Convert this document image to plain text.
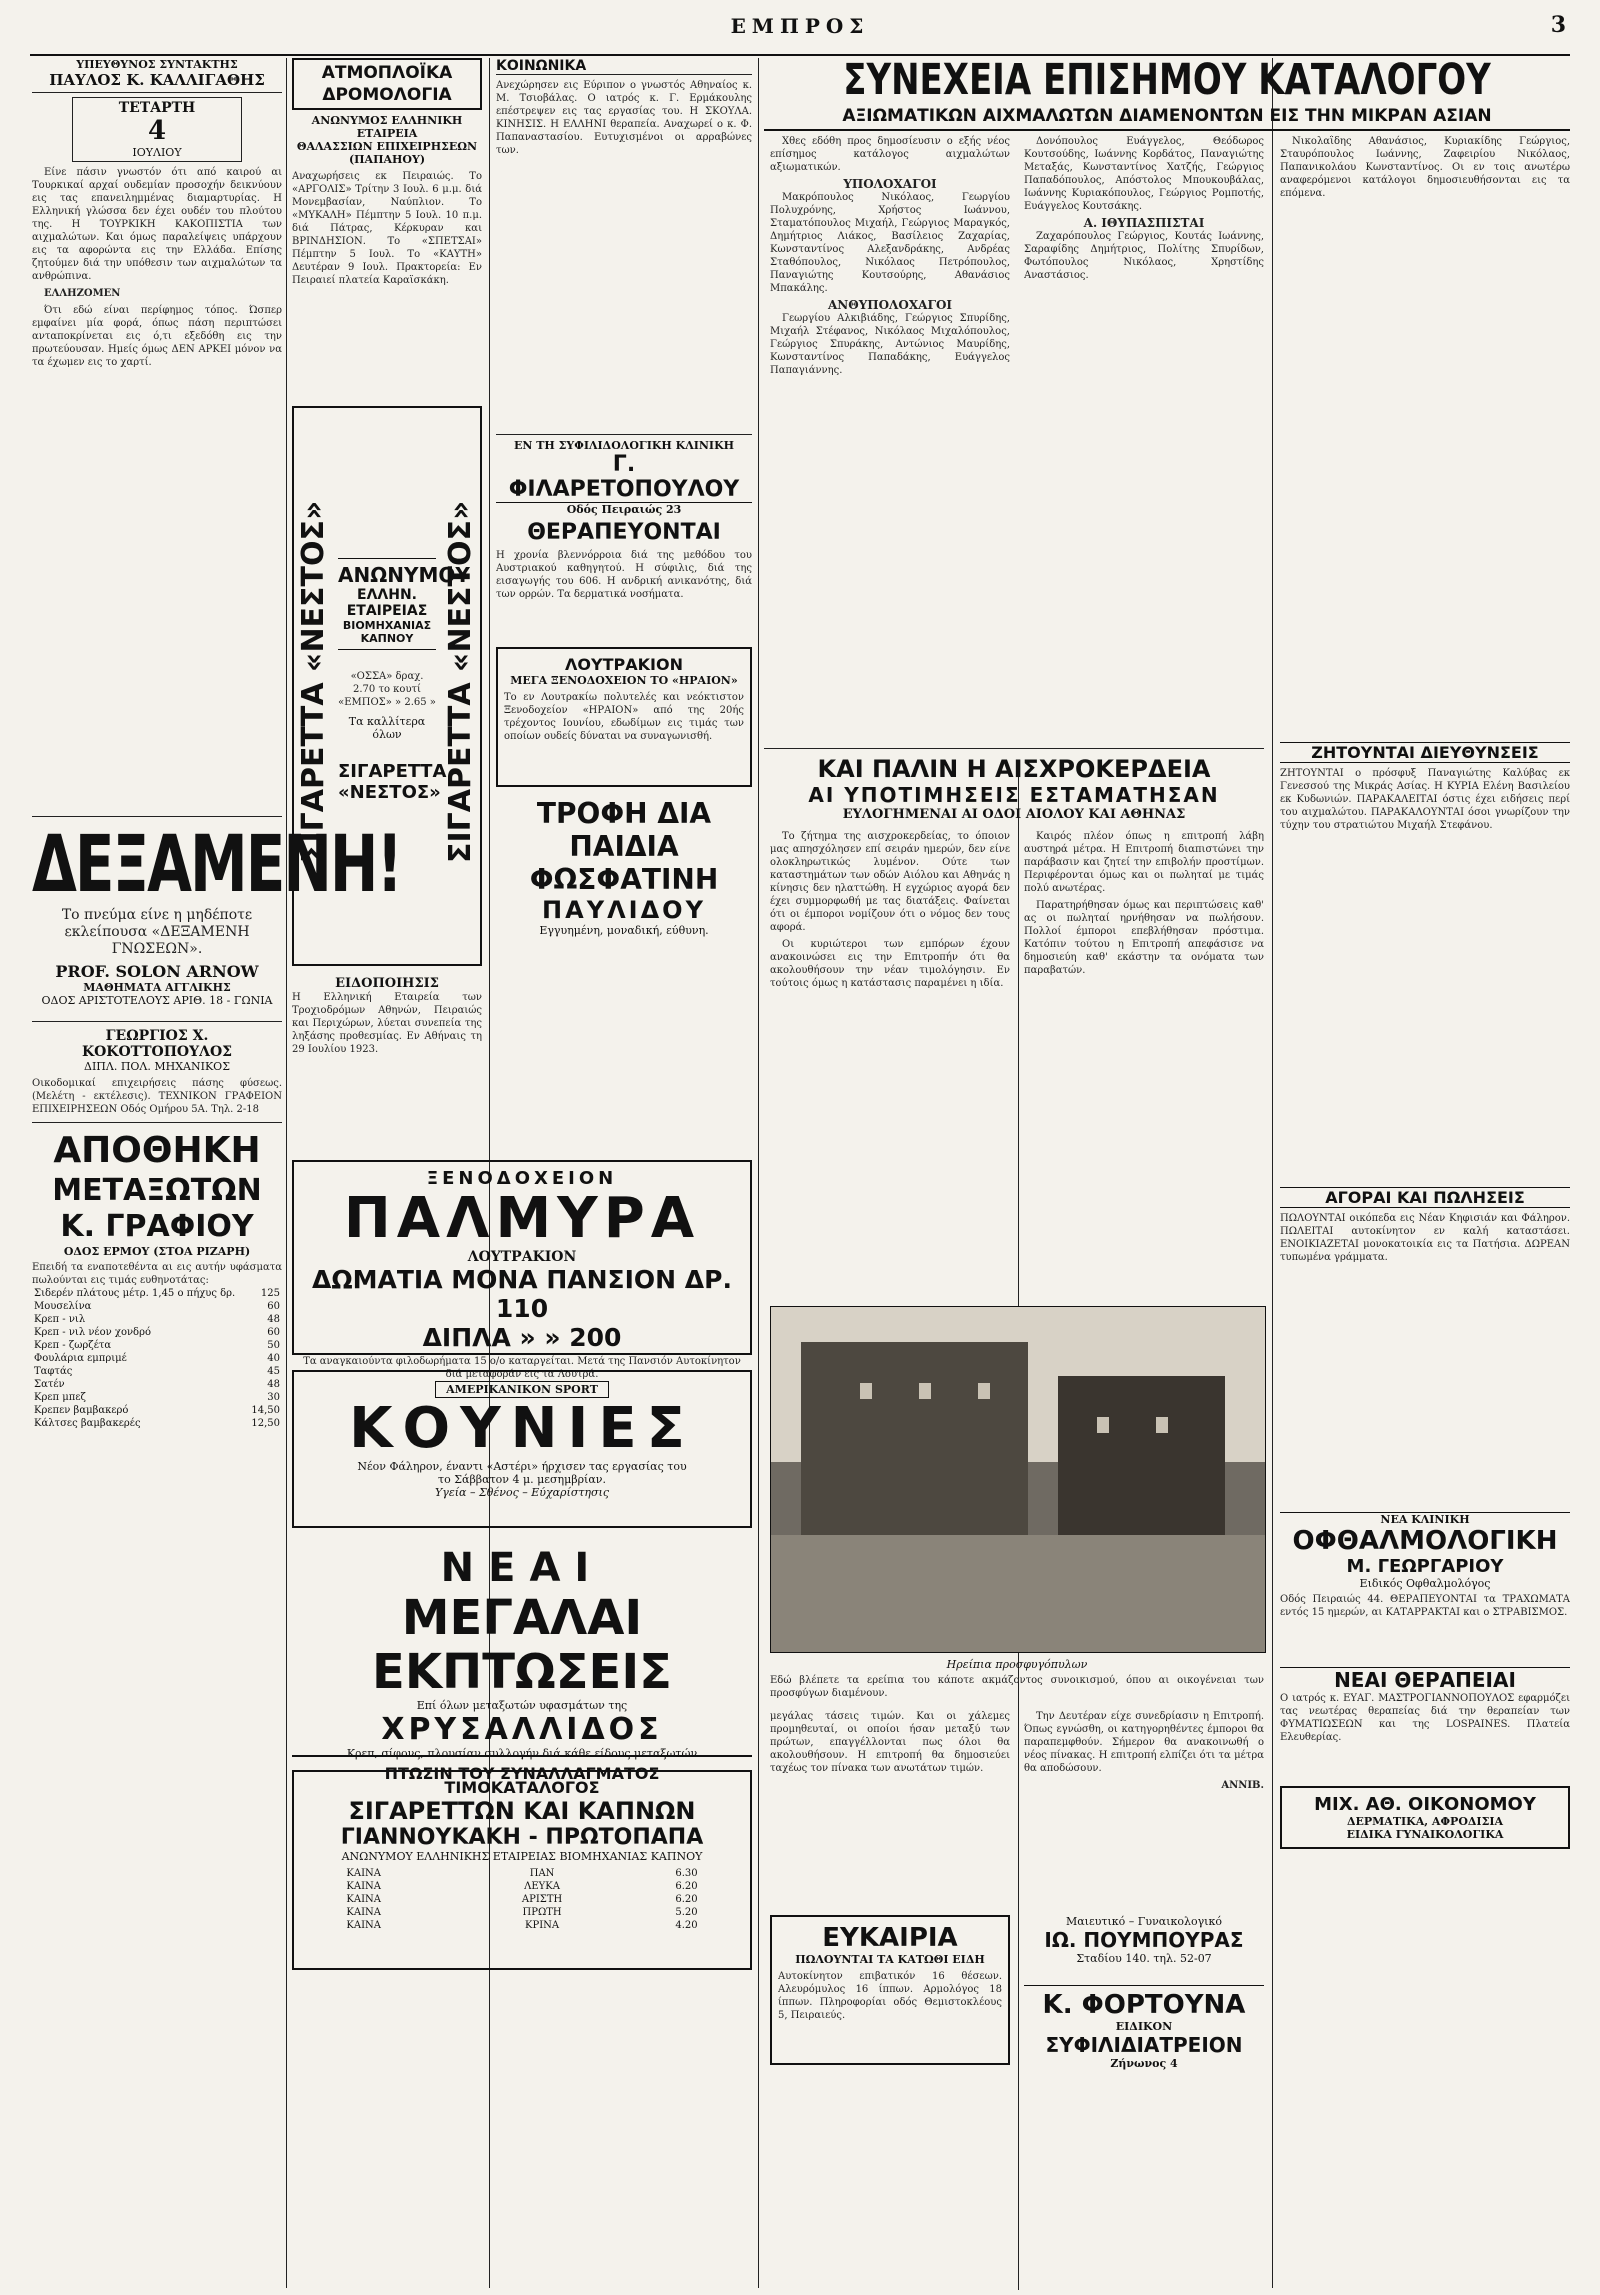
ΕΜΠΡΟΣ	3
ΥΠΕΥΘΥΝΟΣ ΣΥΝΤΑΚΤΗΣ
ΠΑΥΛΟΣ Κ. ΚΑΛΛΙΓΑΘΗΣ
ΤΕΤΑΡΤΗ
4
ΙΟΥΛΙΟΥ

Είνε πάσιν γνωστόν ότι από καιρού αι Τουρκικαί αρχαί ουδεμίαν προσοχήν δεικνύουν εις τας επανειλημμένας διαμαρτυρίας. Η Ελληνική γλώσσα δεν έχει ουδέν του πλούτου της. Η ΤΟΥΡΚΙΚΗ ΚΑΚΟΠΙΣΤΙΑ των αιχμαλώτων. Και όμως παραλείψεις υπάρχουν εις τα αφορώντα εις την Ελλάδα. Επίσης ζητούμεν διά την υπόθεσιν των αιχμαλώτων τα ανθρώπινα.

ΕΛΛΗΖΟΜΕΝ

Ότι εδώ είναι περίφημος τόπος. Ώσπερ εμφαίνει μία φορά, όπως πάση περιπτώσει ανταποκρίνεται εις ό,τι εξεδόθη εις την πρωτεύουσαν. Ημείς όμως ΔΕΝ ΑΡΚΕΙ μόνον να τα έχωμεν εις το χαρτί.

ΔΕΞΑΜΕΝΗ!
Το πνεύμα είνε η μηδέποτε εκλείπουσα «ΔΕΞΑΜΕΝΗ ΓΝΩΣΕΩΝ».
PROF. SOLON ARNOW
ΜΑΘΗΜΑΤΑ ΑΓΓΛΙΚΗΣ
ΟΔΟΣ ΑΡΙΣΤΟΤΕΛΟΥΣ ΑΡΙΘ. 18 - ΓΩΝΙΑ
ΓΕΩΡΓΙΟΣ Χ. ΚΟΚΟΤΤΟΠΟΥΛΟΣ
ΔΙΠΛ. ΠΟΛ. ΜΗΧΑΝΙΚΟΣ
Οικοδομικαί επιχειρήσεις πάσης φύσεως. (Μελέτη - εκτέλεσις). ΤΕΧΝΙΚΟΝ ΓΡΑΦΕΙΟΝ ΕΠΙΧΕΙΡΗΣΕΩΝ Οδός Ομήρου 5Α. Τηλ. 2-18
ΑΠΟΘΗΚΗ
ΜΕΤΑΞΩΤΩΝ
Κ. ΓΡΑΦΙΟΥ
ΟΔΟΣ ΕΡΜΟΥ (ΣΤΟΑ ΡΙΖΑΡΗ)
Επειδή τα εναποτεθέντα αι εις αυτήν υφάσματα πωλούνται εις τιμάς ευθηνοτάτας:
Σιδερέν πλάτους μέτρ. 1,45 ο πήχυς δρ.	125
Μουσελίνα	60
Κρεπ - νιλ	48
Κρεπ - νιλ νέον χονδρό	60
Κρεπ - ζωρζέτα	50
Φουλάρια εμπριμέ	40
Ταφτάς	45
Σατέν	48
Κρεπ μπεζ	30
Κρεπεν βαμβακερό	14,50
Κάλτσες βαμβακερές	12,50
ΑΤΜΟΠΛΟΪΚΑ ΔΡΟΜΟΛΟΓΙΑ
ΑΝΩΝΥΜΟΣ ΕΛΛΗΝΙΚΗ ΕΤΑΙΡΕΙΑ
ΘΑΛΑΣΣΙΩΝ ΕΠΙΧΕΙΡΗΣΕΩΝ (ΠΑΠΑΗΟΥ)
Αναχωρήσεις εκ Πειραιώς. Το «ΑΡΓΟΛΙΣ» Τρίτην 3 Ιουλ. 6 μ.μ. διά Μονεμβασίαν, Ναύπλιον. Το «ΜΥΚΑΛΗ» Πέμπτην 5 Ιουλ. 10 π.μ. διά Πάτρας, Κέρκυραν και ΒΡΙΝΔΗΣΙΟΝ. Το «ΣΠΕΤΣΑΙ» Πέμπτην 5 Ιουλ. Το «ΚΑΥΤΗ» Δευτέραν 9 Ιουλ. Πρακτορεία: Εν Πειραιεί πλατεία Καραϊσκάκη.
ΣΙΓΑΡΕΤΤΑ «ΝΕΣΤΟΣ»	ΣΙΓΑΡΕΤΤΑ «ΝΕΣΤΟΣ»
ΑΝΩΝΥΜΟΥ
ΕΛΛΗΝ. ΕΤΑΙΡΕΙΑΣ
ΒΙΟΜΗΧΑΝΙΑΣ ΚΑΠΝΟΥ
«ΟΣΣΑ» δραχ. 2.70 το κουτί «ΕΜΠΟΣ» » 2.65 »
Τα καλλίτερα όλων
ΣΙΓΑΡΕΤΤΑ
«ΝΕΣΤΟΣ»
ΕΙΔΟΠΟΙΗΣΙΣ
Η Ελληνική Εταιρεία των Τροχιοδρόμων Αθηνών, Πειραιώς και Περιχώρων, λύεται συνεπεία της ληξάσης προθεσμίας. Εν Αθήναις τη 29 Ιουλίου 1923.
ΚΟΙΝΩΝΙΚΑ
Ανεχώρησεν εις Εύριπον ο γνωστός Αθηναίος κ. Μ. Τσιοβάλας. Ο ιατρός κ. Γ. Ερμάκουλης επέστρεψεν εις τας εργασίας του. Η ΣΚΟΥΛΑ. ΚΙΝΗΣΙΣ. Η ΕΛΛΗΝΙ θεραπεία. Αναχωρεί ο κ. Φ. Παπαναστασίου. Ευτυχισμένοι οι αρραβώνες των.
ΕΝ ΤΗ ΣΥΦΙΛΙΔΟΛΟΓΙΚΗ ΚΛΙΝΙΚΗ
Γ. ΦΙΛΑΡΕΤΟΠΟΥΛΟΥ
Οδός Πειραιώς 23
ΘΕΡΑΠΕΥΟΝΤΑΙ
Η χρονία βλεννόρροια διά της μεθόδου του Αυστριακού καθηγητού. Η σύφιλις, διά της εισαγωγής του 606. Η ανδρική ανικανότης, διά των ορρών. Τα δερματικά νοσήματα.
ΛΟΥΤΡΑΚΙΟΝ
ΜΕΓΑ ΞΕΝΟΔΟΧΕΙΟΝ ΤΟ «ΗΡΑΙΟΝ»
Το εν Λουτρακίω πολυτελές και νεόκτιστον Ξενοδοχείον «ΗΡΑΙΟΝ» από της 20ής τρέχοντος Ιουνίου, εδωδίμων εις τιμάς των οποίων ουδείς δύναται να συναγωνισθή.
ΤΡΟΦΗ ΔΙΑ ΠΑΙΔΙΑ
ΦΩΣΦΑΤΙΝΗ
ΠΑΥΛΙΔΟΥ
Εγγυημένη, μοναδική, εύθυνη.
ΞΕΝΟΔΟΧΕΙΟΝ
ΠΑΛΜΥΡΑ
ΛΟΥΤΡΑΚΙΟΝ
ΔΩΜΑΤΙΑ ΜΟΝΑ ΠΑΝΣΙΟΝ ΔΡ. 110
ΔΙΠΛΑ » » 200
Τα αναγκαιούντα φιλοδωρήματα 15 ο/ο καταργείται. Μετά της Πανσιόν Αυτοκίνητον διά μεταφοράν εις τα Λουτρά.
ΑΜΕΡΙΚΑΝΙΚΟΝ SPORT
ΚΟΥΝΙΕΣ
Νέον Φάληρον, έναντι «Αστέρι» ήρχισεν τας εργασίας του
το Σάββατον 4 μ. μεσημβρίαν.
Υγεία – Σθένος – Εύχαρίστησις
ΝΕΑΙ
ΜΕΓΑΛΑΙ ΕΚΠΤΩΣΕΙΣ
Επί όλων μεταξωτών υφασμάτων της
ΧΡΥΣΑΛΛΙΔΟΣ
Κρεπ, σίφονς, πλουσίαν συλλογήν διά κάθε είδους μεταξωτών
ΠΤΩΣΙΝ ΤΟΥ ΣΥΝΑΛΛΑΓΜΑΤΟΣ
ΤΙΜΟΚΑΤΑΛΟΓΟΣ
ΣΙΓΑΡΕΤΤΩΝ ΚΑΙ ΚΑΠΝΩΝ
ΓΙΑΝΝΟΥΚΑΚΗ - ΠΡΩΤΟΠΑΠΑ
ΑΝΩΝΥΜΟΥ ΕΛΛΗΝΙΚΗΣ ΕΤΑΙΡΕΙΑΣ ΒΙΟΜΗΧΑΝΙΑΣ ΚΑΠΝΟΥ
ΚΑΙΝΑ	ΠΑΝ	6.30
ΚΑΙΝΑ	ΛΕΥΚΑ	6.20
ΚΑΙΝΑ	ΑΡΙΣΤΗ	6.20
ΚΑΙΝΑ	ΠΡΩΤΗ	5.20
ΚΑΙΝΑ	ΚΡΙΝΑ	4.20
ΣΥΝΕΧΕΙΑ ΕΠΙΣΗΜΟΥ ΚΑΤΑΛΟΓΟΥ
ΑΞΙΩΜΑΤΙΚΩΝ ΑΙΧΜΑΛΩΤΩΝ ΔΙΑΜΕΝΟΝΤΩΝ ΕΙΣ ΤΗΝ ΜΙΚΡΑΝ ΑΣΙΑΝ

Χθες εδόθη προς δημοσίευσιν ο εξής νέος επίσημος κατάλογος αιχμαλώτων αξιωματικών.

ΥΠΟΛΟΧΑΓΟΙ

Μακρόπουλος Νικόλαος, Γεωργίου Πολυχρόνης, Χρήστος Ιωάννου, Σταματόπουλος Μιχαήλ, Γεώργιος Μαραγκός, Δημήτριος Λιάκος, Βασίλειος Ζαχαρίας, Κωνσταντίνος Αλεξανδράκης, Ανδρέας Σταθόπουλος, Νικόλαος Πετρόπουλος, Παναγιώτης Κουτσούρης, Αθανάσιος Μπακάλης.

ΑΝΘΥΠΟΛΟΧΑΓΟΙ

Γεωργίου Αλκιβιάδης, Γεώργιος Σπυρίδης, Μιχαήλ Στέφανος, Νικόλαος Μιχαλόπουλος, Γεώργιος Σπυράκης, Αντώνιος Μαυρίδης, Κωνσταντίνος Παπαδάκης, Ευάγγελος Παπαγιάννης.

Δονόπουλος Ευάγγελος, Θεόδωρος Κουτσούδης, Ιωάννης Κορδάτος, Παναγιώτης Μεταξάς, Κωνσταντίνος Χατζής, Γεώργιος Παπαδόπουλος, Απόστολος Μπουκουβάλας, Ιωάννης Κυριακόπουλος, Γεώργιος Ρομποτής, Ευάγγελος Κουτσάκης.

Α. ΙΘΥΠΑΣΠΙΣΤΑΙ

Ζαχαρόπουλος Γεώργιος, Κουτάς Ιωάννης, Σαραφίδης Δημήτριος, Πολίτης Σπυρίδων, Φωτόπουλος Νικόλαος, Χρηστίδης Αναστάσιος.

ΚΑΙ ΠΑΛΙΝ Η ΑΙΣΧΡΟΚΕΡΔΕΙΑ
ΑΙ ΥΠΟΤΙΜΗΣΕΙΣ ΕΣΤΑΜΑΤΗΣΑΝ
ΕΥΛΟΓΗΜΕΝΑΙ ΑΙ ΟΔΟΙ ΑΙΟΛΟΥ ΚΑΙ ΑΘΗΝΑΣ

Το ζήτημα της αισχροκερδείας, το όποιον μας απησχόλησεν επί σειράν ημερών, δεν είνε ολοκληρωτικώς λυμένον. Ούτε των καταστημάτων των οδών Αιόλου και Αθηνάς η κίνησις δεν ηλαττώθη. Η εγχώριος αγορά δεν έχει συμμορφωθή με τας διατάξεις. Φαίνεται ότι οι έμποροι νομίζουν ότι ο νόμος δεν τους αφορά.

Οι κυριώτεροι των εμπόρων έχουν ανακοινώσει εις την Επιτροπήν ότι θα ακολουθήσουν την νέαν τιμολόγησιν. Εν τούτοις όμως η κατάστασις παραμένει η ιδία.

Καιρός πλέον όπως η επιτροπή λάβη αυστηρά μέτρα. Η Επιτροπή διαπιστώνει την παράβασιν και ζητεί την επιβολήν προστίμων. Περιφέρονται όμως και οι πωληταί με τιμάς πολύ ανωτέρας.

Παρατηρήθησαν όμως και περιπτώσεις καθ' ας οι πωληταί ηρνήθησαν να πωλήσουν. Πολλοί έμποροι επεβλήθησαν πρόστιμα. Κατόπιν τούτου η Επιτροπή απεφάσισε να δημοσιεύη καθ' εκάστην τα ονόματα των παραβατών.

Ηρείπια προσφυγόπυλων
Εδώ βλέπετε τα ερείπια του κάποτε ακμάζοντος συνοικισμού, όπου αι οικογένειαι των προσφύγων διαμένουν.
μεγάλας τάσεις τιμών. Και οι χάλεμες προμηθευταί, οι οποίοι ήσαν μεταξύ των πρώτων, επαγγέλλονται πως όλοι θα ακολουθήσουν. Η επιτροπή θα δημοσιεύει ταχέως τον πίνακα των ανωτάτων τιμών.

Την Δευτέραν είχε συνεδρίασιν η Επιτροπή. Όπως εγνώσθη, οι κατηγορηθέντες έμποροι θα παραπεμφθούν. Σήμερον θα ανακοινωθή ο νέος πίνακας. Η επιτροπή ελπίζει ότι τα μέτρα θα αποδώσουν.

ΑΝΝΙΒ.
ΕΥΚΑΙΡΙΑ
ΠΩΛΟΥΝΤΑΙ ΤΑ ΚΑΤΩΘΙ ΕΙΔΗ
Αυτοκίνητον επιβατικόν 16 θέσεων. Αλευρόμυλος 16 ίππων. Αρμολόγος 18 ίππων. Πληροφορίαι οδός Θεμιστοκλέους 5, Πειραιεύς.
Μαιευτικό – Γυναικολογικό
ΙΩ. ΠΟΥΜΠΟΥΡΑΣ
Σταδίου 140. τηλ. 52-07
Κ. ΦΟΡΤΟΥΝΑ
ΕΙΔΙΚΟΝ
ΣΥΦΙΛΙΔΙΑΤΡΕΙΟΝ
Ζήνωνος 4

Νικολαΐδης Αθανάσιος, Κυριακίδης Γεώργιος, Σταυρόπουλος Ιωάννης, Ζαφειρίου Νικόλαος, Παπανικολάου Κωνσταντίνος. Οι εν τοις ανωτέρω αναφερόμενοι κατάλογοι δημοσιευθήσονται εις τα επόμενα.

ΖΗΤΟΥΝΤΑΙ ΔΙΕΥΘΥΝΣΕΙΣ
ΖΗΤΟΥΝΤΑΙ ο πρόσφυξ Παναγιώτης Καλύβας εκ Γενεσσού της Μικράς Ασίας. Η ΚΥΡΙΑ Ελένη Βασιλείου εκ Κυδωνιών. ΠΑΡΑΚΑΛΕΙΤΑΙ όστις έχει ειδήσεις περί του αιχμαλώτου. ΠΑΡΑΚΑΛΟΥΝΤΑΙ όσοι γνωρίζουν την τύχην του στρατιώτου Μιχαήλ Στεφάνου.
ΑΓΟΡΑΙ ΚΑΙ ΠΩΛΗΣΕΙΣ
ΠΩΛΟΥΝΤΑΙ οικόπεδα εις Νέαν Κηφισιάν και Φάληρον. ΠΩΛΕΙΤΑΙ αυτοκίνητον εν καλή καταστάσει. ΕΝΟΙΚΙΑΖΕΤΑΙ μονοκατοικία εις τα Πατήσια. ΔΩΡΕΑΝ τυπωμένα γράμματα.
ΝΕΑ ΚΛΙΝΙΚΗ
ΟΦΘΑΛΜΟΛΟΓΙΚΗ
Μ. ΓΕΩΡΓΑΡΙΟΥ
Ειδικός Οφθαλμολόγος
Οδός Πειραιώς 44. ΘΕΡΑΠΕΥΟΝΤΑΙ τα ΤΡΑΧΩΜΑΤΑ εντός 15 ημερών, αι ΚΑΤΑΡΡΑΚΤΑΙ και ο ΣΤΡΑΒΙΣΜΟΣ.
ΝΕΑΙ ΘΕΡΑΠΕΙΑΙ
Ο ιατρός κ. ΕΥΑΓ. ΜΑΣΤΡΟΓΙΑΝΝΟΠΟΥΛΟΣ εφαρμόζει τας νεωτέρας θεραπείας διά την θεραπείαν των ΦΥΜΑΤΙΩΣΕΩΝ και της LOSPAINES. Πλατεία Ελευθερίας.
ΜΙΧ. ΑΘ. ΟΙΚΟΝΟΜΟΥ
ΔΕΡΜΑΤΙΚΑ, ΑΦΡΟΔΙΣΙΑ
ΕΙΔΙΚΑ ΓΥΝΑΙΚΟΛΟΓΙΚΑ
